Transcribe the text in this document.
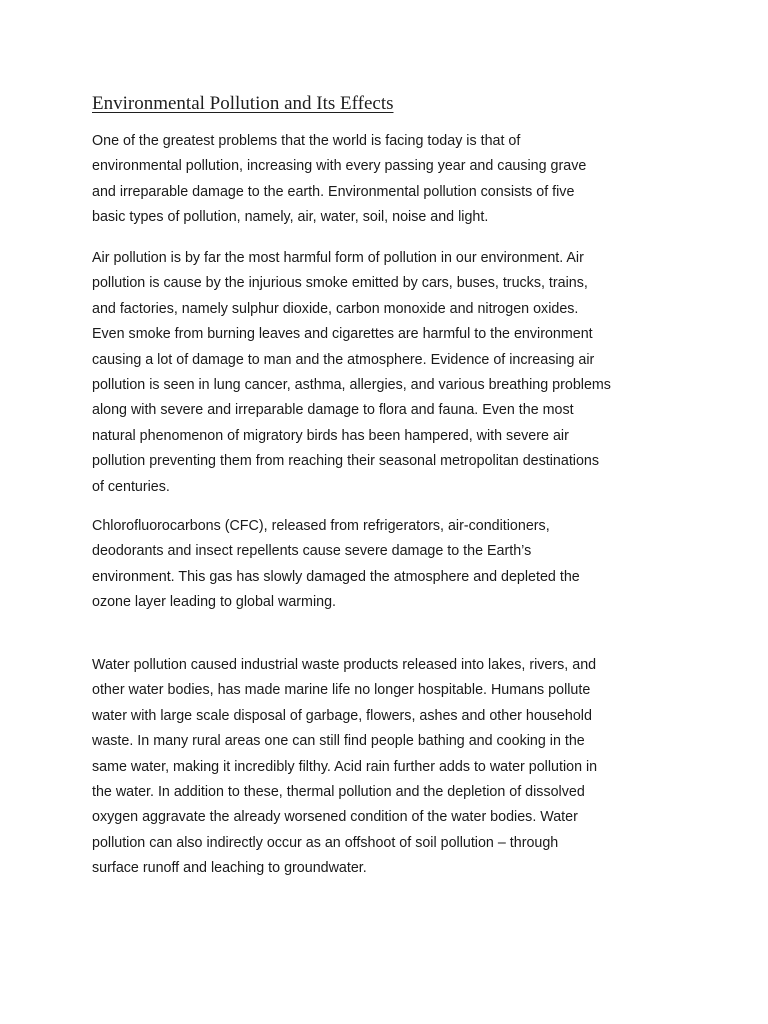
Environmental Pollution and Its Effects

One of the greatest problems that the world is facing today is that of
environmental pollution, increasing with every passing year and causing grave
and irreparable damage to the earth. Environmental pollution consists of five
basic types of pollution, namely, air, water, soil, noise and light.

Air pollution is by far the most harmful form of pollution in our environment. Air
pollution is cause by the injurious smoke emitted by cars, buses, trucks, trains,
and factories, namely sulphur dioxide, carbon monoxide and nitrogen oxides.
Even smoke from burning leaves and cigarettes are harmful to the environment
causing a lot of damage to man and the atmosphere. Evidence of increasing air
pollution is seen in lung cancer, asthma, allergies, and various breathing problems
along with severe and irreparable damage to flora and fauna. Even the most
natural phenomenon of migratory birds has been hampered, with severe air
pollution preventing them from reaching their seasonal metropolitan destinations
of centuries.

Chlorofluorocarbons (CFC), released from refrigerators, air-conditioners,
deodorants and insect repellents cause severe damage to the Earth’s
environment. This gas has slowly damaged the atmosphere and depleted the
ozone layer leading to global warming.

Water pollution caused industrial waste products released into lakes, rivers, and
other water bodies, has made marine life no longer hospitable. Humans pollute
water with large scale disposal of garbage, flowers, ashes and other household
waste. In many rural areas one can still find people bathing and cooking in the
same water, making it incredibly filthy. Acid rain further adds to water pollution in
the water. In addition to these, thermal pollution and the depletion of dissolved
oxygen aggravate the already worsened condition of the water bodies. Water
pollution can also indirectly occur as an offshoot of soil pollution – through
surface runoff and leaching to groundwater.
